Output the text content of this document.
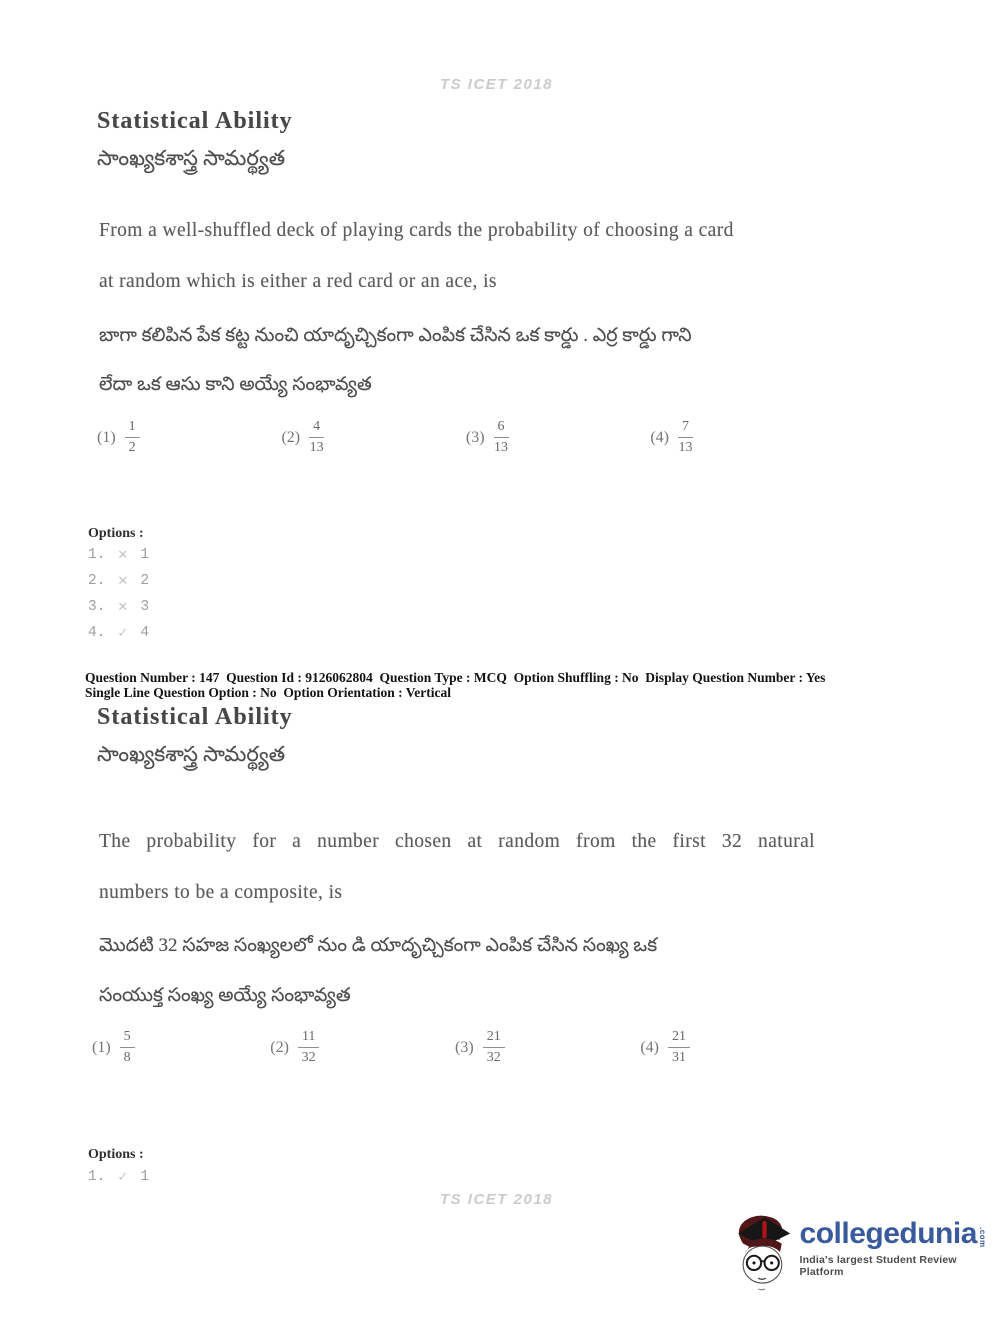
TS ICET 2018
Statistical Ability
సాంఖ్యకశాస్త్ర సామర్థ్యత
From a well-shuffled deck of playing cards the probability of choosing a card
at random which is either a red card or an ace, is
బాగా కలిపిన పేక కట్ట నుంచి యాదృచ్చికంగా ఎంపిక చేసిన ఒక కార్డు . ఎర్ర కార్డు గాని
లేదా ఒక ఆసు కాని అయ్యే సంభావ్యత
$(1) \frac{1}{2}$	$(2) \frac{4}{13}$	$(3) \frac{6}{13}$	$(4) \frac{7}{13}$
Options :
1. ✕ 1
2. ✕ 2
3. ✕ 3
4. ✓ 4
Question Number : 147  Question Id : 9126062804  Question Type : MCQ  Option Shuffling : No  Display Question Number : Yes
Single Line Question Option : No  Option Orientation : Vertical
Statistical Ability
సాంఖ్యకశాస్త్ర సామర్థ్యత
The probability for a number chosen at random from the first 32 natural
numbers to be a composite, is
మొదటి 32 సహజ సంఖ్యలలో నుం డి యాదృచ్చికంగా ఎంపిక చేసిన సంఖ్య ఒక
సంయుక్త సంఖ్య అయ్యే సంభావ్యత
$(1) \frac{5}{8}$	$(2) \frac{11}{32}$	$(3) \frac{21}{32}$	$(4) \frac{21}{31}$
Options :
1. ✓ 1
TS ICET 2018
collegedunia .com
India's largest Student Review Platform
